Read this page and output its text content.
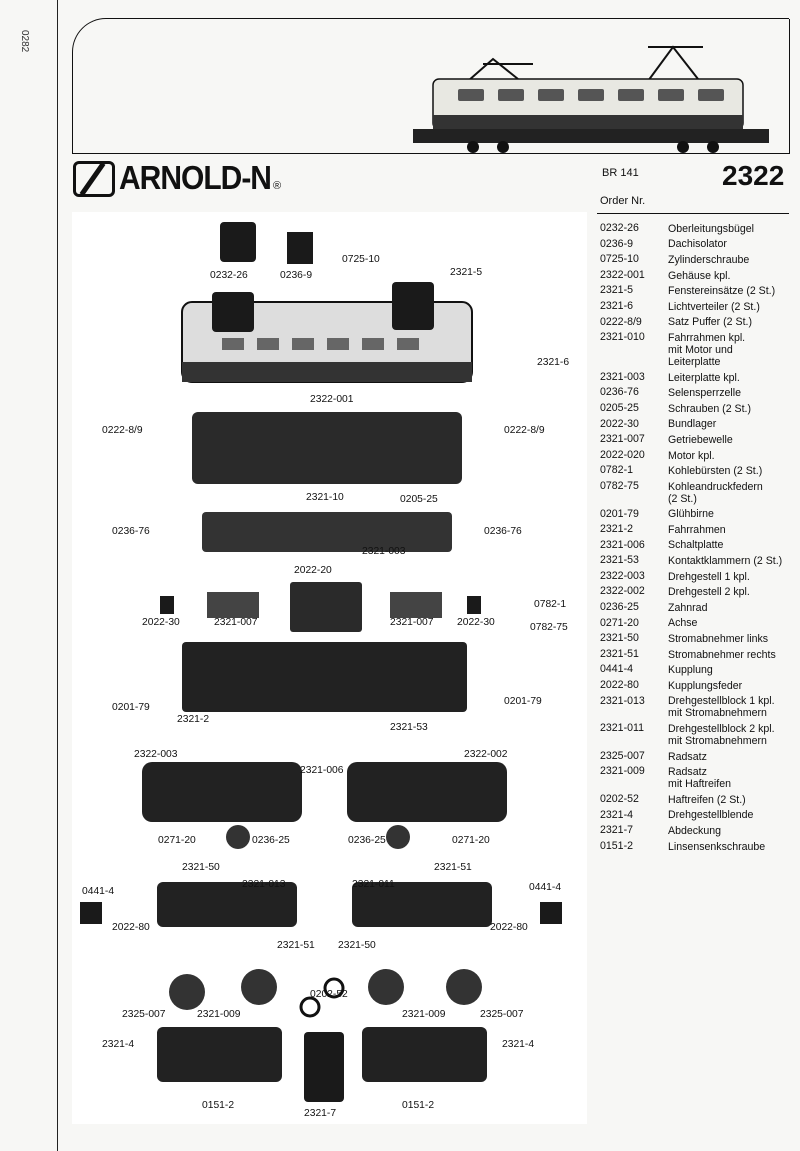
0282
ARNOLD-N ®
BR 141	2322
Order Nr.
0232-26	Oberleitungsbügel
0236-9	Dachisolator
0725-10	Zylinderschraube
2322-001	Gehäuse kpl.
2321-5	Fenstereinsätze (2 St.)
2321-6	Lichtverteiler (2 St.)
0222-8/9	Satz Puffer (2 St.)
2321-010	Fahrrahmen kpl.
mit Motor und
Leiterplatte
2321-003	Leiterplatte kpl.
0236-76	Selensperrzelle
0205-25	Schrauben (2 St.)
2022-30	Bundlager
2321-007	Getriebewelle
2022-020	Motor kpl.
0782-1	Kohlebürsten (2 St.)
0782-75	Kohleandruckfedern
(2 St.)
0201-79	Glühbirne
2321-2	Fahrrahmen
2321-006	Schaltplatte
2321-53	Kontaktklammern (2 St.)
2322-003	Drehgestell 1 kpl.
2322-002	Drehgestell 2 kpl.
0236-25	Zahnrad
0271-20	Achse
2321-50	Stromabnehmer links
2321-51	Stromabnehmer rechts
0441-4	Kupplung
2022-80	Kupplungsfeder
2321-013	Drehgestellblock 1 kpl.
mit Stromabnehmern
2321-011	Drehgestellblock 2 kpl.
mit Stromabnehmern
2325-007	Radsatz
2321-009	Radsatz
mit Haftreifen
0202-52	Haftreifen (2 St.)
2321-4	Drehgestellblende
2321-7	Abdeckung
0151-2	Linsensenkschraube
0232-26	0236-9
0725-10
2321-5
2321-6
2322-001
0222-8/9	0222-8/9
2321-10	0205-25
0236-76	0236-76
2321-003
2022-20
2022-30	2321-007	2321-007 2022-30
0782-1
0782-75
0201-79
0201-79
2321-2
2321-53
2322-003	2322-002
2321-006
0271-20	0236-25	0236-25	0271-20
2321-50	2321-51
0441-4
2321-013	2321-011	0441-4
2022-80	2022-80
2321-51 2321-50
0202-52
2325-007	2321-009	2321-009	2325-007
2321-4	2321-4
2321-7
0151-2	0151-2
